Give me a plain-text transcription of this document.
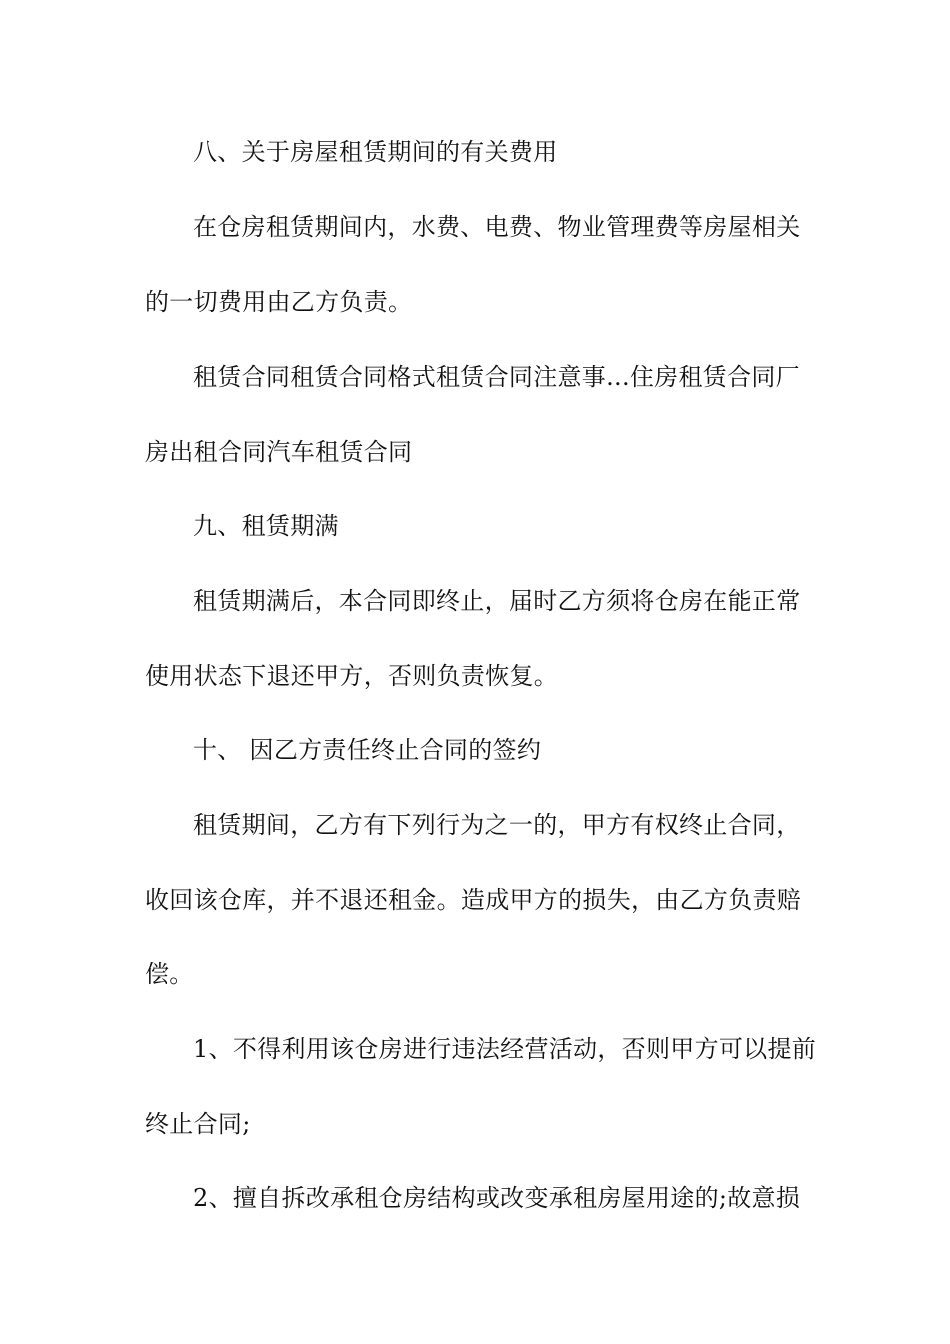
八、关于房屋租赁期间的有关费用
在仓房租赁期间内，水费、电费、物业管理费等房屋相关
的一切费用由乙方负责。
租赁合同租赁合同格式租赁合同注意事...住房租赁合同厂
房出租合同汽车租赁合同
九、租赁期满
租赁期满后，本合同即终止，届时乙方须将仓房在能正常
使用状态下退还甲方，否则负责恢复。
十、 因乙方责任终止合同的签约
租赁期间，乙方有下列行为之一的，甲方有权终止合同，
收回该仓库，并不退还租金。造成甲方的损失，由乙方负责赔
偿。
1、不得利用该仓房进行违法经营活动，否则甲方可以提前
终止合同;
2、擅自拆改承租仓房结构或改变承租房屋用途的;故意损
